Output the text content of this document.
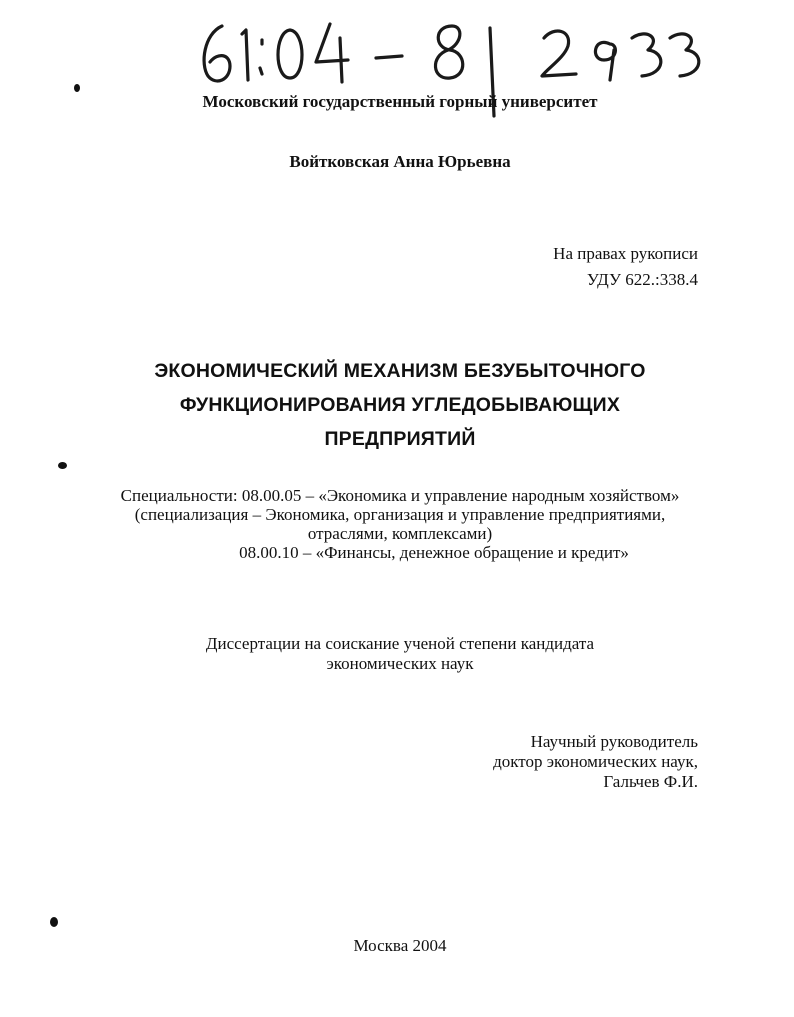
Московский государственный горный университет
Войтковская Анна Юрьевна
На правах рукописи
УДУ 622.:338.4
ЭКОНОМИЧЕСКИЙ МЕХАНИЗМ БЕЗУБЫТОЧНОГО
ФУНКЦИОНИРОВАНИЯ УГЛЕДОБЫВАЮЩИХ
ПРЕДПРИЯТИЙ
Специальности: 08.00.05 – «Экономика и управление народным хозяйством»
(специализация – Экономика, организация и управление предприятиями,
отраслями, комплексами)
08.00.10 – «Финансы, денежное обращение и кредит»
Диссертации на соискание ученой степени кандидата
экономических наук
Научный руководитель
доктор экономических наук,
Гальчев Ф.И.
Москва 2004
